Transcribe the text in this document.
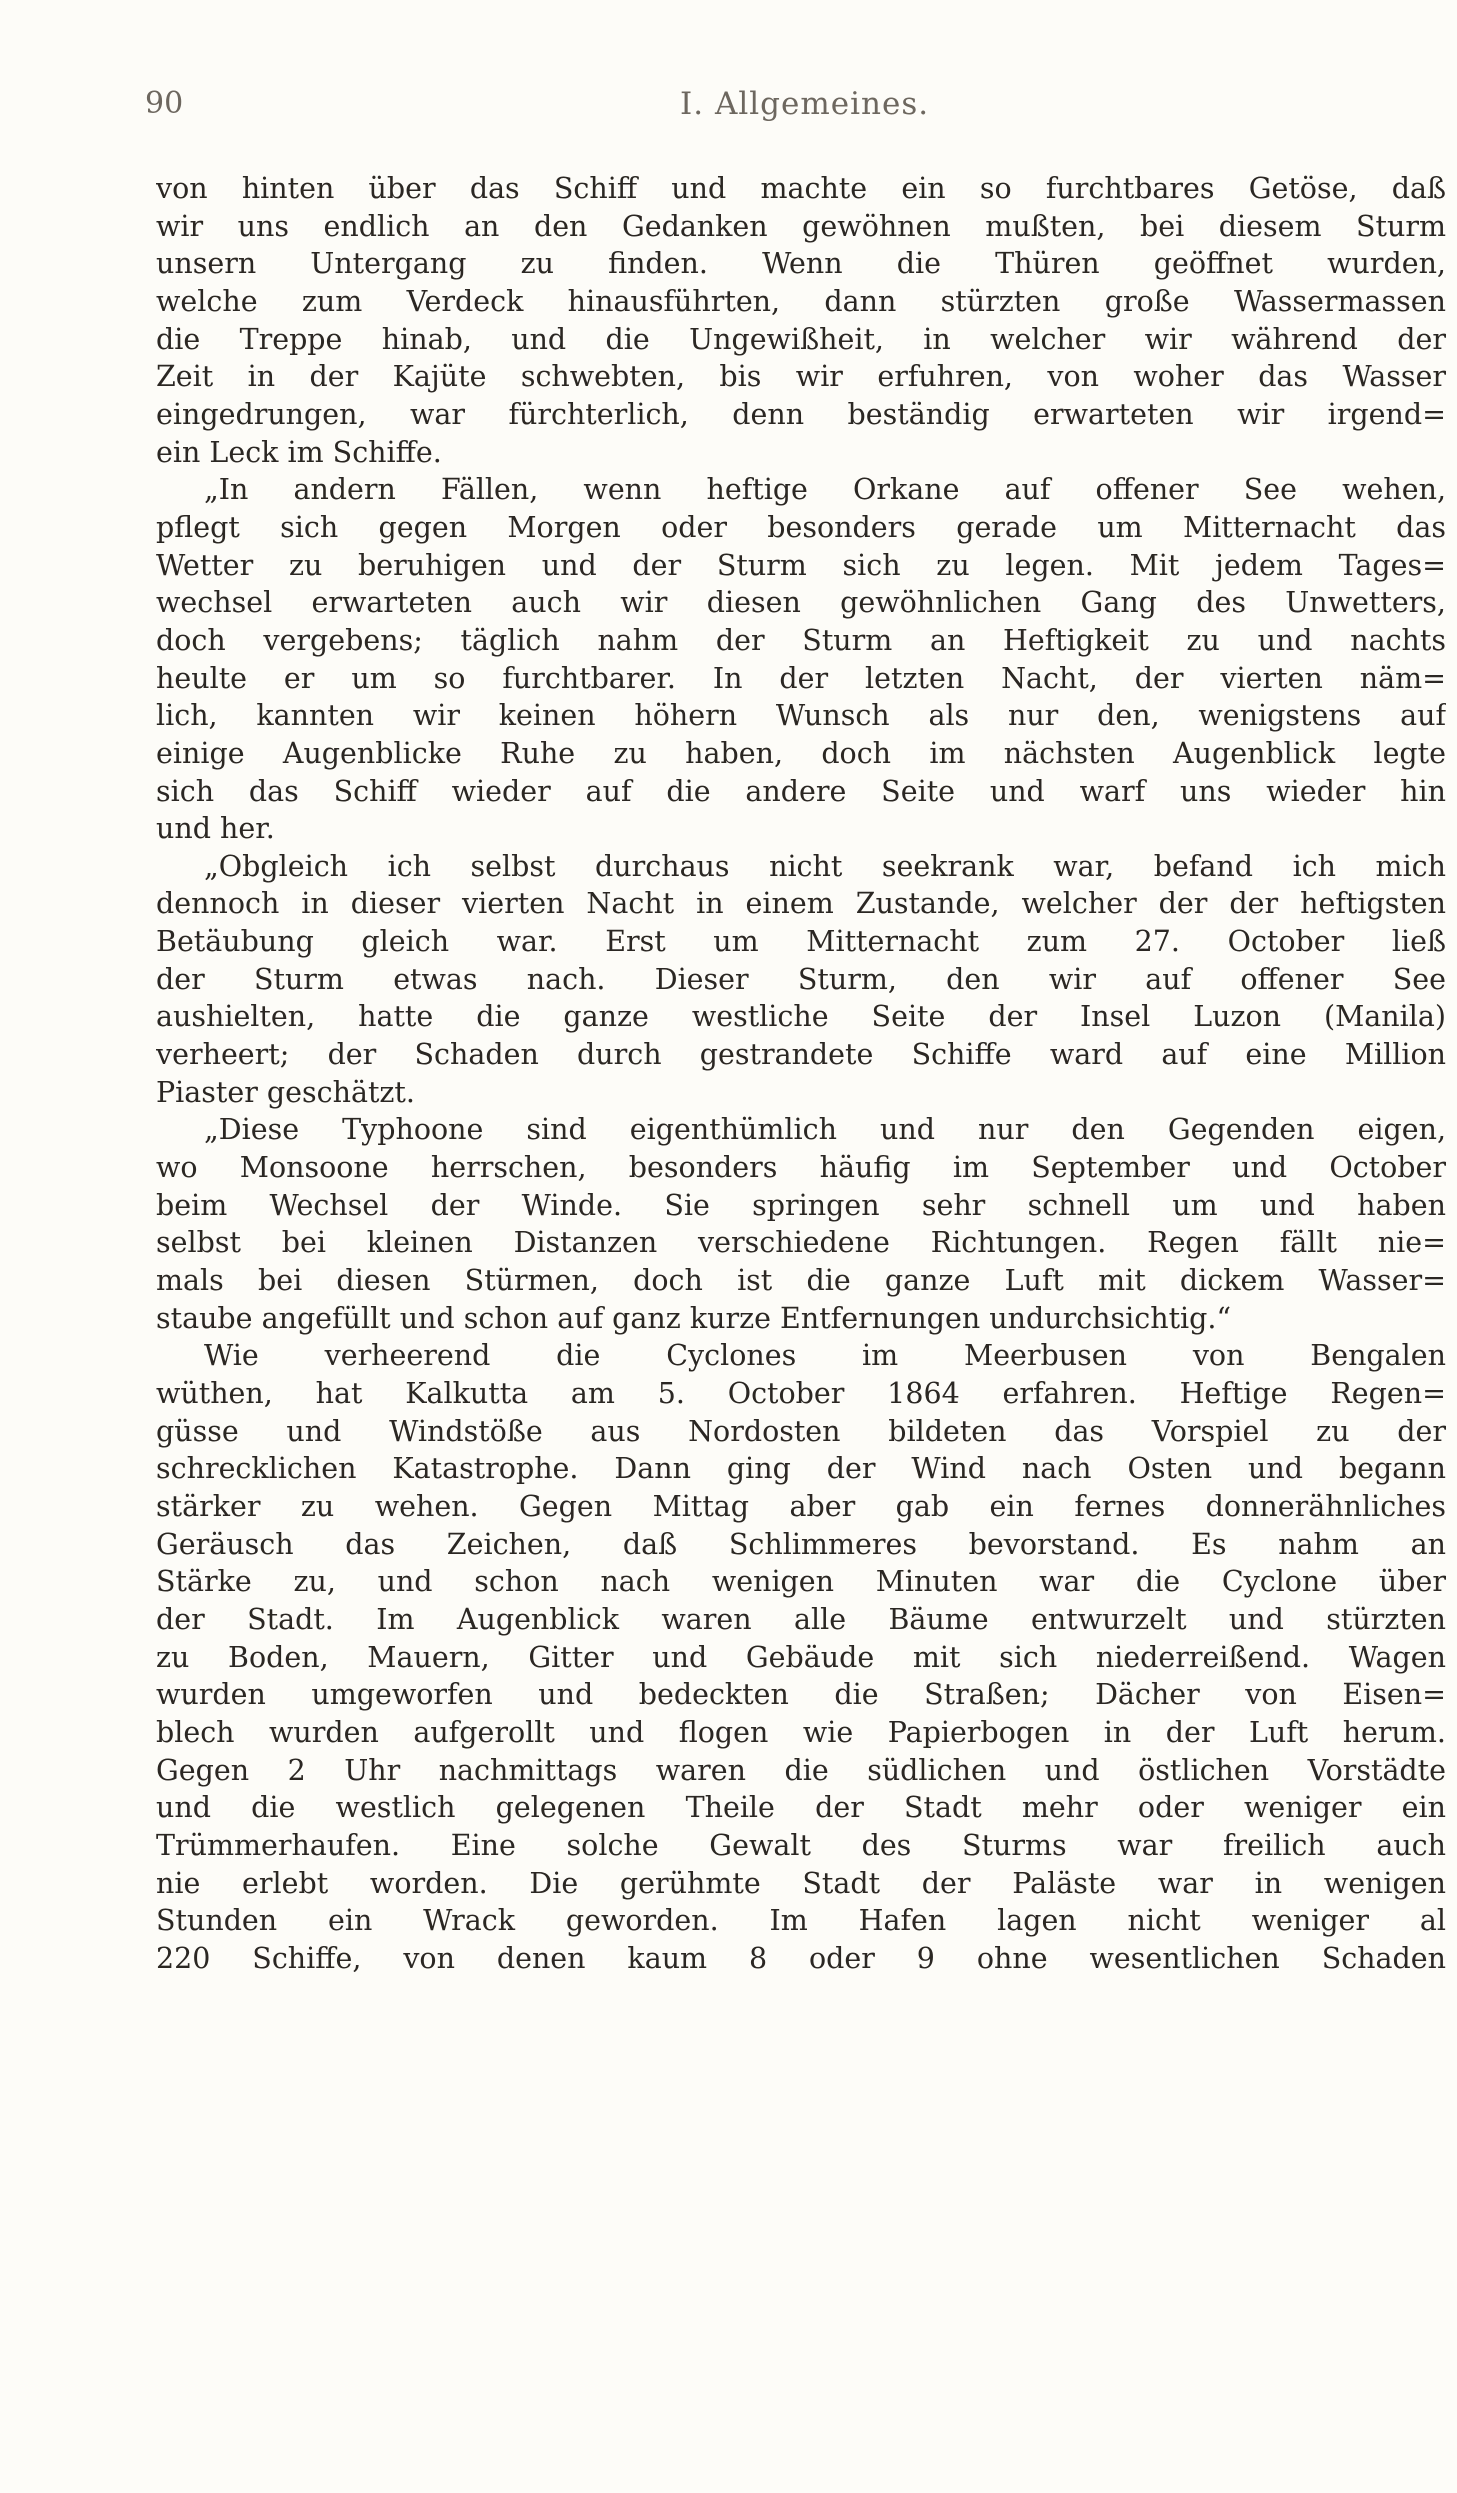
90	I. Allgemeines.
von hinten über das Schiff und machte ein so furchtbares Getöse, daß
wir uns endlich an den Gedanken gewöhnen mußten, bei diesem Sturm
unsern Untergang zu finden. Wenn die Thüren geöffnet wurden,
welche zum Verdeck hinausführten, dann stürzten große Wassermassen
die Treppe hinab, und die Ungewißheit, in welcher wir während der
Zeit in der Kajüte schwebten, bis wir erfuhren, von woher das Wasser
eingedrungen, war fürchterlich, denn beständig erwarteten wir irgend=
ein Leck im Schiffe.
„In andern Fällen, wenn heftige Orkane auf offener See wehen,
pflegt sich gegen Morgen oder besonders gerade um Mitternacht das
Wetter zu beruhigen und der Sturm sich zu legen. Mit jedem Tages=
wechsel erwarteten auch wir diesen gewöhnlichen Gang des Unwetters,
doch vergebens; täglich nahm der Sturm an Heftigkeit zu und nachts
heulte er um so furchtbarer. In der letzten Nacht, der vierten näm=
lich, kannten wir keinen höhern Wunsch als nur den, wenigstens auf
einige Augenblicke Ruhe zu haben, doch im nächsten Augenblick legte
sich das Schiff wieder auf die andere Seite und warf uns wieder hin
und her.
„Obgleich ich selbst durchaus nicht seekrank war, befand ich mich
dennoch in dieser vierten Nacht in einem Zustande, welcher der der heftigsten
Betäubung gleich war. Erst um Mitternacht zum 27. October ließ
der Sturm etwas nach. Dieser Sturm, den wir auf offener See
aushielten, hatte die ganze westliche Seite der Insel Luzon (Manila)
verheert; der Schaden durch gestrandete Schiffe ward auf eine Million
Piaster geschätzt.
„Diese Typhoone sind eigenthümlich und nur den Gegenden eigen,
wo Monsoone herrschen, besonders häufig im September und October
beim Wechsel der Winde. Sie springen sehr schnell um und haben
selbst bei kleinen Distanzen verschiedene Richtungen. Regen fällt nie=
mals bei diesen Stürmen, doch ist die ganze Luft mit dickem Wasser=
staube angefüllt und schon auf ganz kurze Entfernungen undurchsichtig.“
Wie verheerend die Cyclones im Meerbusen von Bengalen
wüthen, hat Kalkutta am 5. October 1864 erfahren. Heftige Regen=
güsse und Windstöße aus Nordosten bildeten das Vorspiel zu der
schrecklichen Katastrophe. Dann ging der Wind nach Osten und begann
stärker zu wehen. Gegen Mittag aber gab ein fernes donnerähnliches
Geräusch das Zeichen, daß Schlimmeres bevorstand. Es nahm an
Stärke zu, und schon nach wenigen Minuten war die Cyclone über
der Stadt. Im Augenblick waren alle Bäume entwurzelt und stürzten
zu Boden, Mauern, Gitter und Gebäude mit sich niederreißend. Wagen
wurden umgeworfen und bedeckten die Straßen; Dächer von Eisen=
blech wurden aufgerollt und flogen wie Papierbogen in der Luft herum.
Gegen 2 Uhr nachmittags waren die südlichen und östlichen Vorstädte
und die westlich gelegenen Theile der Stadt mehr oder weniger ein
Trümmerhaufen. Eine solche Gewalt des Sturms war freilich auch
nie erlebt worden. Die gerühmte Stadt der Paläste war in wenigen
Stunden ein Wrack geworden. Im Hafen lagen nicht weniger al
220 Schiffe, von denen kaum 8 oder 9 ohne wesentlichen Schaden
